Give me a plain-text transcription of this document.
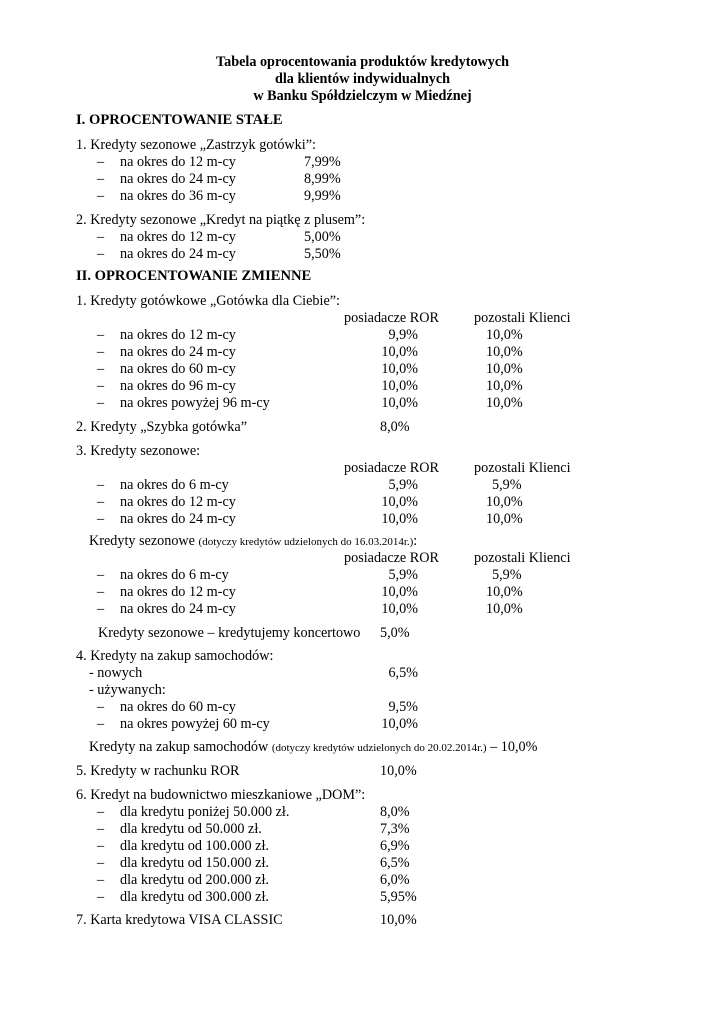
Tabela oprocentowania produktów kredytowych
dla klientów indywidualnych
w Banku Spółdzielczym w Miedźnej
I. OPROCENTOWANIE STAŁE
1. Kredyty sezonowe „Zastrzyk gotówki”:
– na okres do 12 m-cy	7,99%
– na okres do 24 m-cy	8,99%
– na okres do 36 m-cy	9,99%
2. Kredyty sezonowe „Kredyt na piątkę z plusem”:
– na okres do 12 m-cy	5,00%
– na okres do 24 m-cy	5,50%
II. OPROCENTOWANIE ZMIENNE
1. Kredyty gotówkowe „Gotówka dla Ciebie”:
posiadacze ROR pozostali Klienci
– na okres do 12 m-cy	9,9%	10,0%
– na okres do 24 m-cy	10,0%	10,0%
– na okres do 60 m-cy	10,0%	10,0%
– na okres do 96 m-cy	10,0%	10,0%
– na okres powyżej 96 m-cy	10,0%	10,0%
2. Kredyty „Szybka gotówka”	8,0%
3. Kredyty sezonowe:
posiadacze ROR pozostali Klienci
– na okres do 6 m-cy	5,9%	5,9%
– na okres do 12 m-cy	10,0%	10,0%
– na okres do 24 m-cy	10,0%	10,0%
Kredyty sezonowe (dotyczy kredytów udzielonych do 16.03.2014r.):
posiadacze ROR pozostali Klienci
– na okres do 6 m-cy	5,9%	5,9%
– na okres do 12 m-cy	10,0%	10,0%
– na okres do 24 m-cy	10,0%	10,0%
Kredyty sezonowe – kredytujemy koncertowo 5,0%
4. Kredyty na zakup samochodów:
- nowych	6,5%
- używanych:
– na okres do 60 m-cy	9,5%
– na okres powyżej 60 m-cy	10,0%
Kredyty na zakup samochodów (dotyczy kredytów udzielonych do 20.02.2014r.) – 10,0%
5. Kredyty w rachunku ROR	10,0%
6. Kredyt na budownictwo mieszkaniowe „DOM”:
– dla kredytu poniżej 50.000 zł.	8,0%
– dla kredytu od 50.000 zł.	7,3%
– dla kredytu od 100.000 zł.	6,9%
– dla kredytu od 150.000 zł.	6,5%
– dla kredytu od 200.000 zł.	6,0%
– dla kredytu od 300.000 zł.	5,95%
7. Karta kredytowa VISA CLASSIC	10,0%
